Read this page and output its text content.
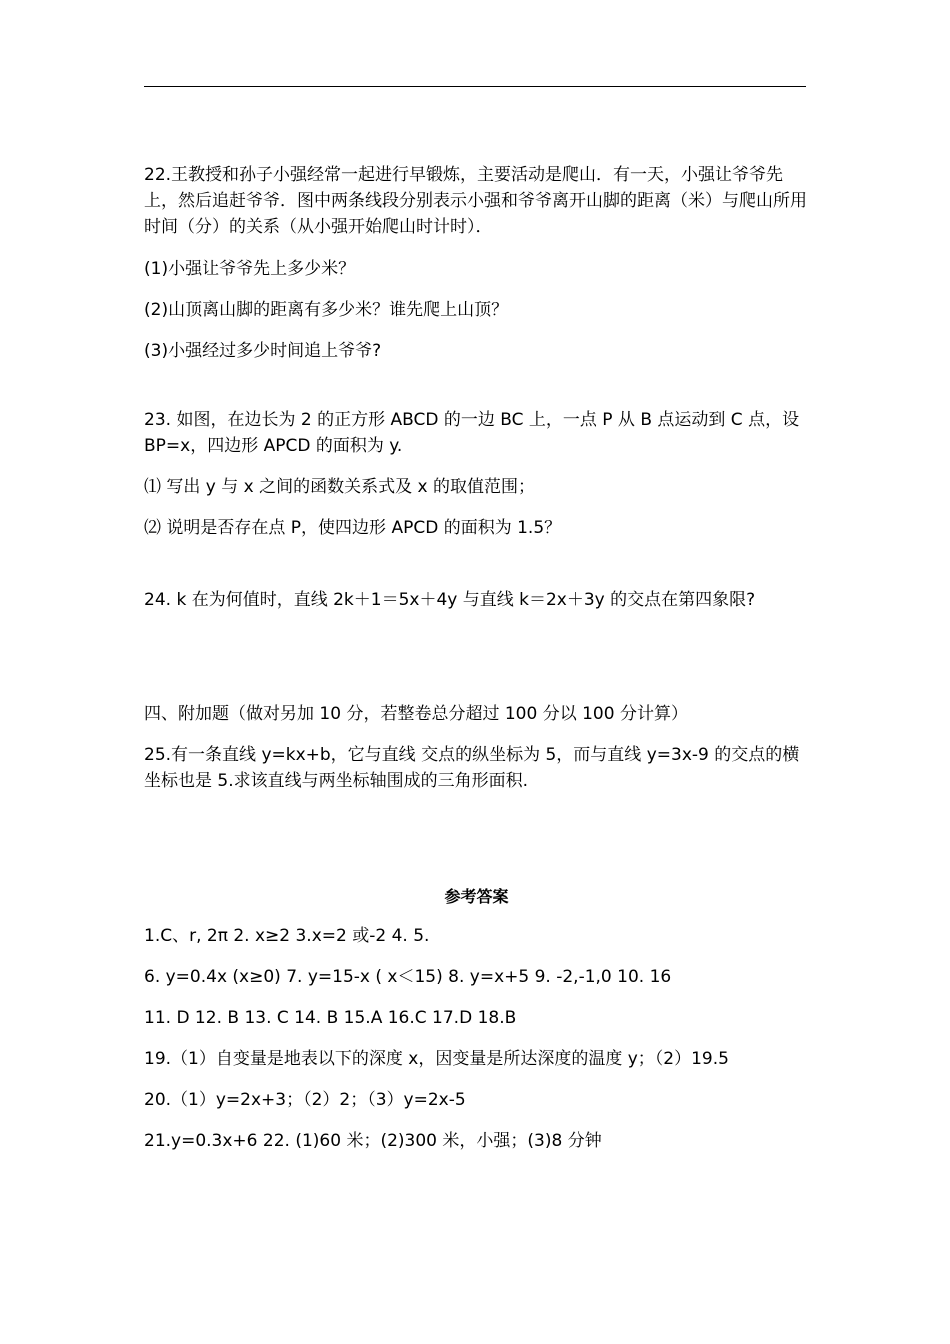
22.王教授和孙子小强经常一起进行早锻炼，主要活动是爬山．有一天，小强让爷爷先上，然后追赶爷爷．图中两条线段分别表示小强和爷爷离开山脚的距离（米）与爬山所用时间（分）的关系（从小强开始爬山时计时）．

(1)小强让爷爷先上多少米？

(2)山顶离山脚的距离有多少米？谁先爬上山顶？

(3)小强经过多少时间追上爷爷?

23. 如图，在边长为 2 的正方形 ABCD 的一边 BC 上，一点 P 从 B 点运动到 C 点，设 BP=x，四边形 APCD 的面积为 y.

⑴ 写出 y 与 x 之间的函数关系式及 x 的取值范围；

⑵ 说明是否存在点 P，使四边形 APCD 的面积为 1.5？

24. k 在为何值时，直线 2k＋1＝5x＋4y 与直线 k＝2x＋3y 的交点在第四象限?

四、附加题（做对另加 10 分，若整卷总分超过 100 分以 100 分计算）

25.有一条直线 y=kx+b，它与直线 交点的纵坐标为 5，而与直线 y=3x-9 的交点的横坐标也是 5.求该直线与两坐标轴围成的三角形面积.

参考答案

1.C、r, 2π 2. x≥2 3.x=2 或-2 4. 5.

6. y=0.4x (x≥0) 7. y=15-x ( x＜15) 8. y=x+5 9. -2,-1,0 10. 16

11. D 12. B 13. C 14. B 15.A 16.C 17.D 18.B

19.（1）自变量是地表以下的深度 x，因变量是所达深度的温度 y；（2）19.5

20.（1）y=2x+3；（2）2；（3）y=2x-5

21.y=0.3x+6 22. (1)60 米；(2)300 米，小强；(3)8 分钟
